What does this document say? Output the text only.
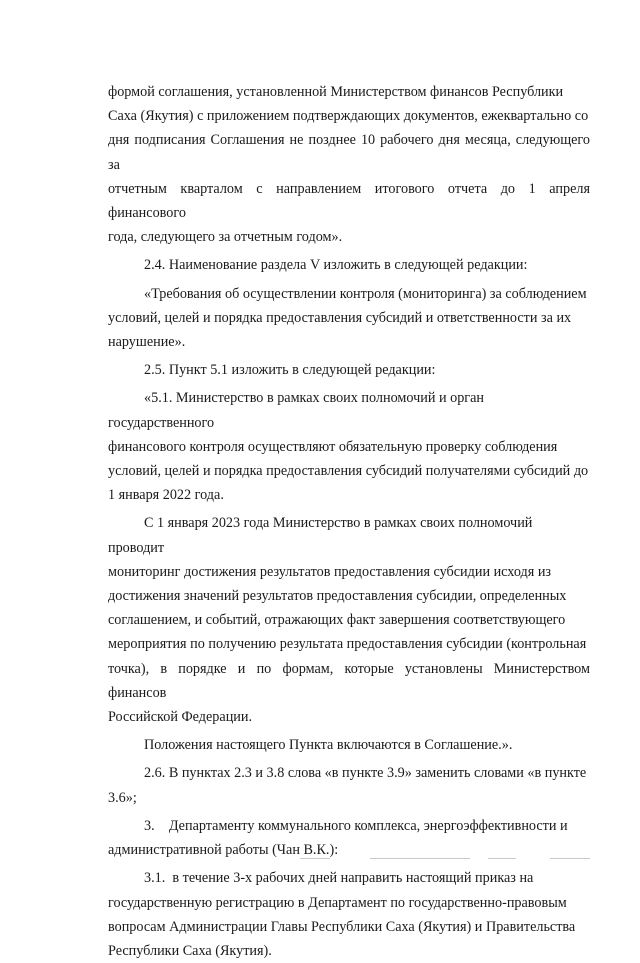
формой соглашения, установленной Министерством финансов Республики

Саха (Якутия) с приложением подтверждающих документов, ежеквартально со

дня подписания Соглашения не позднее 10 рабочего дня месяца, следующего за

отчетным кварталом с направлением итогового отчета до 1 апреля финансового

года, следующего за отчетным годом».

2.4. Наименование раздела V изложить в следующей редакции:

«Требования об осуществлении контроля (мониторинга) за соблюдением

условий, целей и порядка предоставления субсидий и ответственности за их

нарушение».

2.5. Пункт 5.1 изложить в следующей редакции:

«5.1. Министерство в рамках своих полномочий и орган государственного

финансового контроля осуществляют обязательную проверку соблюдения

условий, целей и порядка предоставления субсидий получателями субсидий до

1 января 2022 года.

С 1 января 2023 года Министерство в рамках своих полномочий проводит

мониторинг достижения результатов предоставления субсидии исходя из

достижения значений результатов предоставления субсидии, определенных

соглашением, и событий, отражающих факт завершения соответствующего

мероприятия по получению результата предоставления субсидии (контрольная

точка), в порядке и по формам, которые установлены Министерством финансов

Российской Федерации.

Положения настоящего Пункта включаются в Соглашение.».

2.6. В пунктах 2.3 и 3.8 слова «в пункте 3.9» заменить словами «в пункте

3.6»;

3.    Департаменту коммунального комплекса, энергоэффективности и

административной работы (Чан В.К.):

3.1.  в течение 3-х рабочих дней направить настоящий приказ на

государственную регистрацию в Департамент по государственно-правовым

вопросам Администрации Главы Республики Саха (Якутия) и Правительства

Республики Саха (Якутия).
